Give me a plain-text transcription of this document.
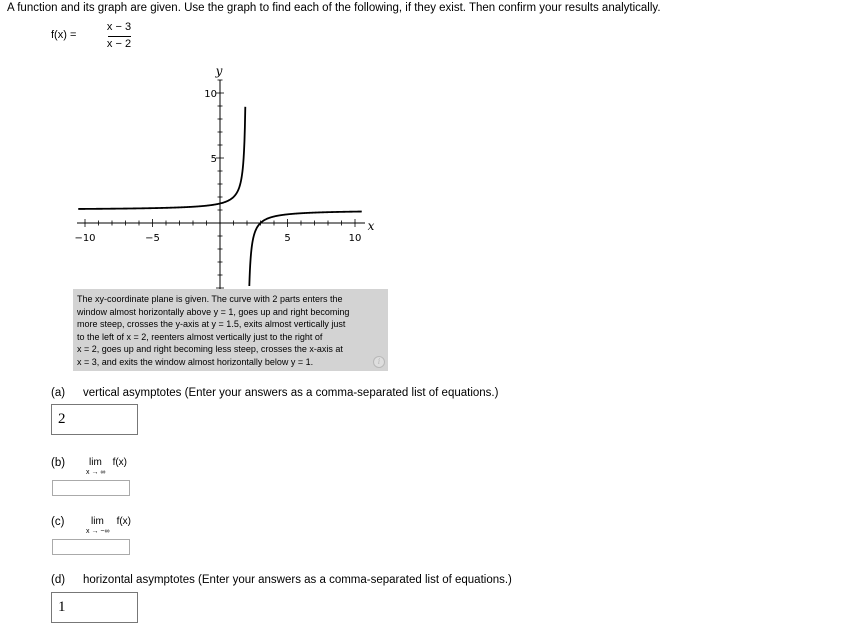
A function and its graph are given. Use the graph to find each of the following, if they exist. Then confirm your results analytically.
f(x) =
x − 3
x − 2
−10	−5	5	10
10
5
x
y
The xy-coordinate plane is given. The curve with 2 parts enters the
window almost horizontally above y = 1, goes up and right becoming
more steep, crosses the y-axis at y = 1.5, exits almost vertically just
to the left of x = 2, reenters almost vertically just to the right of
x = 2, goes up and right becoming less steep, crosses the x-axis at
x = 3, and exits the window almost horizontally below y = 1.	i
(a) vertical asymptotes (Enter your answers as a comma-separated list of equations.)
2
(b) lim f(x)
x → ∞
(c)	lim f(x)
x → −∞
(d) horizontal asymptotes (Enter your answers as a comma-separated list of equations.)
1
